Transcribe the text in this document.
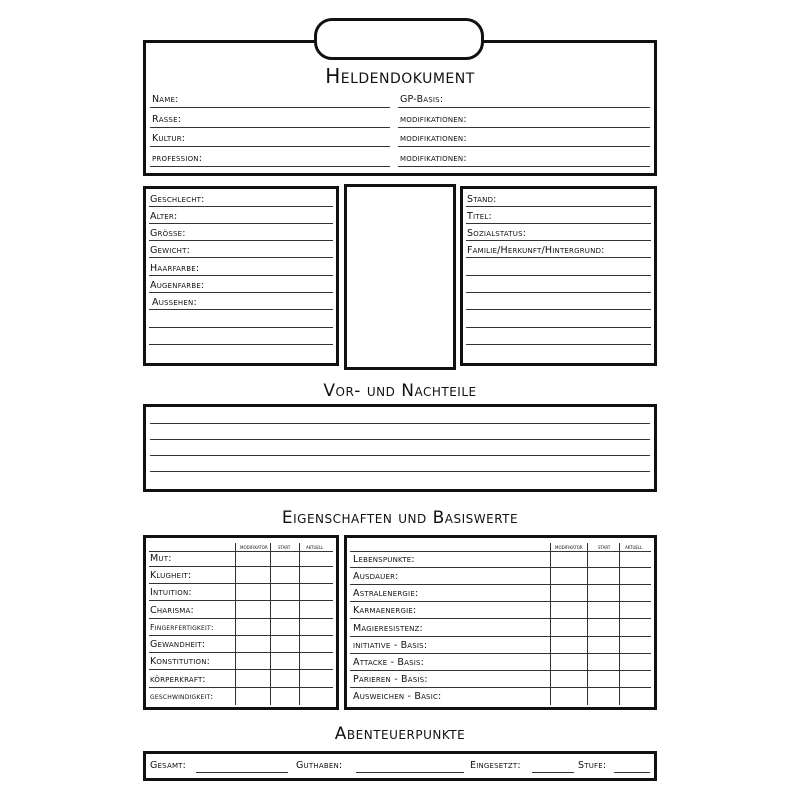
Heldendokument
Name:
Rasse:
Kultur:
profession:
GP-Basis:
modifikationen:
modifikationen:
modifikationen:
Geschlecht:
Alter:
Grösse:
Gewicht:
Haarfarbe:
Augenfarbe:
Aussehen:
Stand:
Titel:
Sozialstatus:
Familie/Herkunft/Hintergrund:
Vor- und Nachteile
Eigenschaften und Basiswerte
MODIFIKATOR	START	AKTUELL
Mut:
Klugheit:
Intuition:
Charisma:
Fingerfertigkeit:
Gewandheit:
Konstitution:
körperkraft:
geschwindigkeit:
MODIFIKATOR	START	AKTUELL
Lebenspunkte:
Ausdauer:
Astralenergie:
Karmaenergie:
Magieresistenz:
initiative - Basis:
Attacke - Basis:
Parieren - Basis:
Ausweichen - Basic:
Abenteuerpunkte
Gesamt:	Guthaben:	Eingesetzt:	Stufe:
